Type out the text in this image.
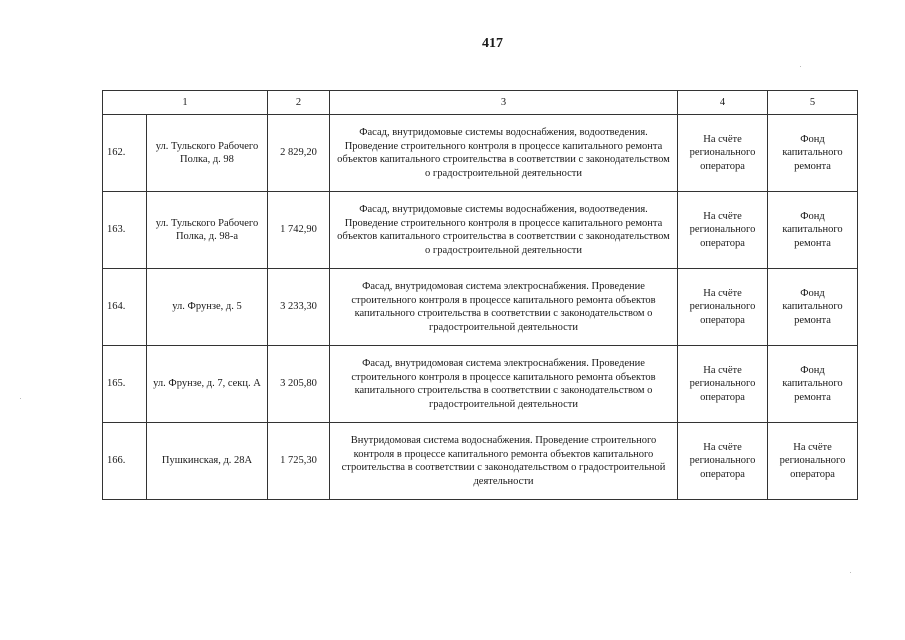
417
1		2	3	4	5
162.	ул. Тульского Рабочего Полка, д. 98	2 829,20	Фасад, внутридомовые системы водоснабжения, водоотведения. Проведение строительного контроля в процессе капитального ремонта объектов капитального строительства в соответствии с законодательством о градостроительной деятельности	На счёте регионального оператора	Фонд капитального ремонта
163.	ул. Тульского Рабочего Полка, д. 98-а	1 742,90	Фасад, внутридомовые системы водоснабжения, водоотведения. Проведение строительного контроля в процессе капитального ремонта объектов капитального строительства в соответствии с законодательством о градостроительной деятельности	На счёте регионального оператора	Фонд капитального ремонта
164.	ул. Фрунзе, д. 5	3 233,30	Фасад, внутридомовая система электроснабжения. Проведение строительного контроля в процессе капитального ремонта объектов капитального строительства в соответствии с законодательством о градостроительной деятельности	На счёте регионального оператора	Фонд капитального ремонта
165.	ул. Фрунзе, д. 7, секц. А	3 205,80	Фасад, внутридомовая система электроснабжения. Проведение строительного контроля в процессе капитального ремонта объектов капитального строительства в соответствии с законодательством о градостроительной деятельности	На счёте регионального оператора	Фонд капитального ремонта
166.	Пушкинская, д. 28А	1 725,30	Внутридомовая система водоснабжения. Проведение строительного контроля в процессе капитального ремонта объектов капитального строительства в соответствии с законодательством о градостроительной деятельности	На счёте регионального оператора	На счёте регионального оператора
